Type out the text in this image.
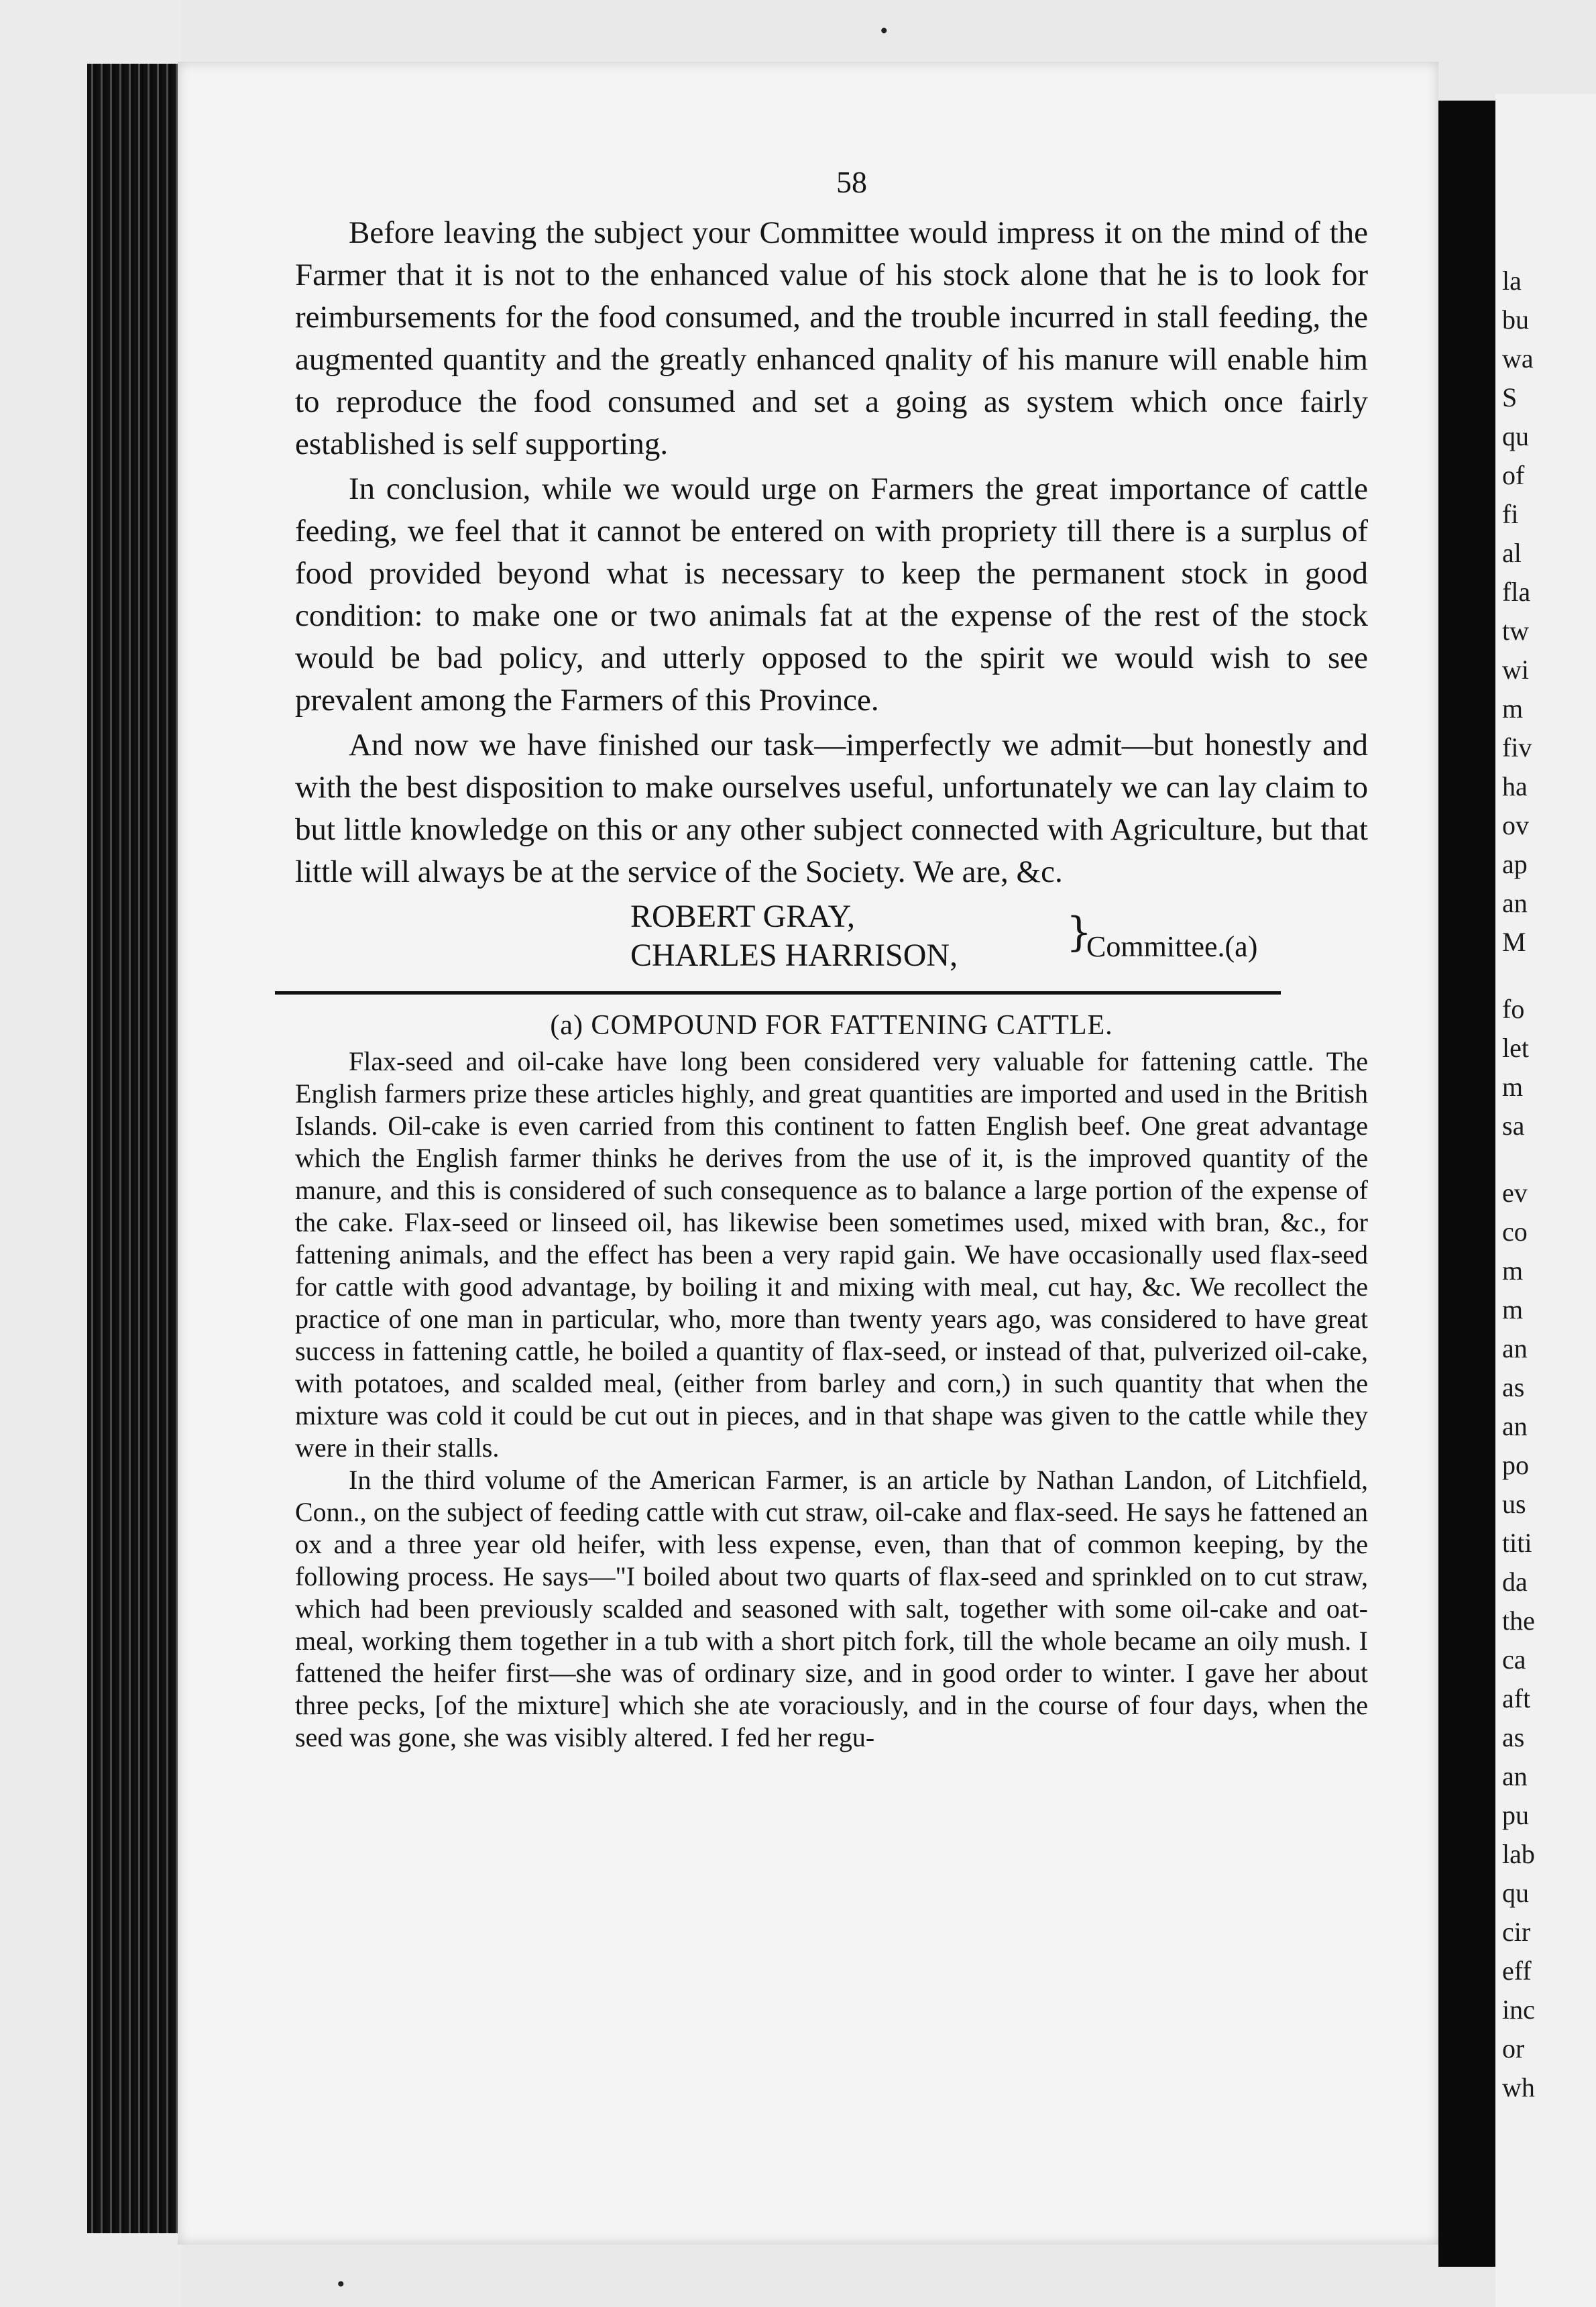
la
bu
wa
S
qu
of
fi
al
fla
tw
wi
m
fiv
ha
ov
ap
an
M
fo
let
m
sa
ev
co
m
m
an
as
an
po
us
titi
da
the
ca
aft
as
an
pu
lab
qu
cir
eff
inc
or
wh
•
•
58

Before leaving the subject your Committee would impress it on the mind of the Farmer that it is not to the enhanced value of his stock alone that he is to look for reimbursements for the food consumed, and the trouble incurred in stall feeding, the augmented quantity and the greatly enhanced qnality of his manure will enable him to reproduce the food consumed and set a going as system which once fairly established is self supporting.

In conclusion, while we would urge on Farmers the great importance of cattle feeding, we feel that it cannot be entered on with propriety till there is a surplus of food provided beyond what is necessary to keep the permanent stock in good condition: to make one or two animals fat at the expense of the rest of the stock would be bad policy, and utterly opposed to the spirit we would wish to see prevalent among the Farmers of this Province.

And now we have finished our task—imperfectly we admit—but honestly and with the best disposition to make ourselves useful, unfortunately we can lay claim to but little knowledge on this or any other subject connected with Agriculture, but that little will always be at the service of the Society. We are, &c.

ROBERT GRAY,
CHARLES HARRISON,	}
Committee.(a)
(a) COMPOUND FOR FATTENING CATTLE.

Flax-seed and oil-cake have long been considered very valuable for fattening cattle. The English farmers prize these articles highly, and great quantities are imported and used in the British Islands. Oil-cake is even carried from this continent to fatten English beef. One great advantage which the English farmer thinks he derives from the use of it, is the improved quantity of the manure, and this is considered of such consequence as to balance a large portion of the expense of the cake. Flax-seed or linseed oil, has likewise been sometimes used, mixed with bran, &c., for fattening animals, and the effect has been a very rapid gain. We have occasionally used flax-seed for cattle with good advantage, by boiling it and mixing with meal, cut hay, &c. We recollect the practice of one man in particular, who, more than twenty years ago, was considered to have great success in fattening cattle, he boiled a quantity of flax-seed, or instead of that, pulverized oil-cake, with potatoes, and scalded meal, (either from barley and corn,) in such quantity that when the mixture was cold it could be cut out in pieces, and in that shape was given to the cattle while they were in their stalls.

In the third volume of the American Farmer, is an article by Nathan Landon, of Litchfield, Conn., on the subject of feeding cattle with cut straw, oil-cake and flax-seed. He says he fattened an ox and a three year old heifer, with less expense, even, than that of common keeping, by the following process. He says—"I boiled about two quarts of flax-seed and sprinkled on to cut straw, which had been previously scalded and seasoned with salt, together with some oil-cake and oat-meal, working them together in a tub with a short pitch fork, till the whole became an oily mush. I fattened the heifer first—she was of ordinary size, and in good order to winter. I gave her about three pecks, [of the mixture] which she ate voraciously, and in the course of four days, when the seed was gone, she was visibly altered. I fed her regu-
